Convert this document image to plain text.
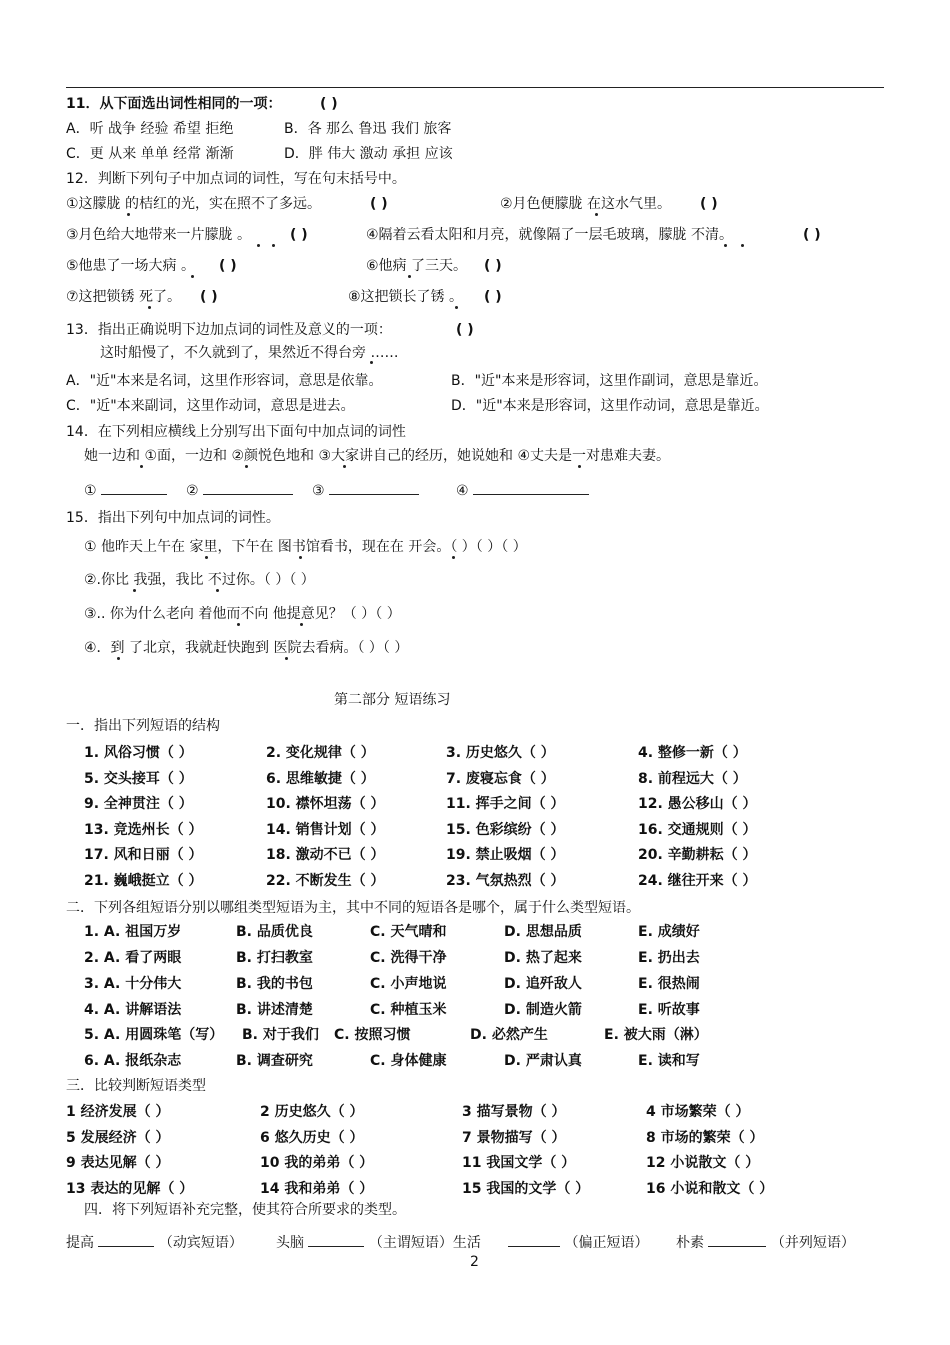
11．从下面选出词性相同的一项：	( )
A．听 战争 经验 希望 拒绝	B．各 那么 鲁迅 我们 旅客
C．更 从来 单单 经常 渐渐	D．胖 伟大 激动 承担 应该
12．判断下列句子中加点词的词性，写在句末括号中。
①这朦胧 的桔红的光，实在照不了多远。	( )	②月色便朦胧 在这水气里。 ( )
③月色给大地带来一片朦胧 。	( )	④隔着云看太阳和月亮，就像隔了一层毛玻璃，朦胧 不清。	( )
⑤他患了一场大病 。 ( )	⑥他病 了三天。 ( )
⑦这把锁锈 死了。 ( )	⑧这把锁长了锈 。 ( )
13．指出正确说明下边加点词的词性及意义的一项：	( )
这时船慢了，不久就到了，果然近不得台旁 ……
A．"近"本来是名词，这里作形容词，意思是依靠。	B．"近"本来是形容词，这里作副词，意思是靠近。
C．"近"本来副词，这里作动词，意思是进去。	D．"近"本来是形容词，这里作动词，意思是靠近。
14．在下列相应横线上分别写出下面句中加点词的词性
她一边和 ①面，一边和 ②颜悦色地和 ③大家讲自己的经历，她说她和 ④丈夫是一对患难夫妻。
①	②	③	④
15．指出下列句中加点词的词性。
① 他昨天上午在 家里，下午在 图书馆看书，现在在 开会。（ ）（ ）（ ）
②.你比 我强，我比 不过你。（ ）（ ）
③.. 你为什么老向 着他而不向 他提意见？（ ）（ ）
④．到 了北京，我就赶快跑到 医院去看病。（ ）（ ）
第二部分 短语练习
一．指出下列短语的结构
1. 风俗习惯（ ）	2. 变化规律（ ）	3. 历史悠久（ ）	4. 整修一新（ ）
5. 交头接耳（ ）	6. 思维敏捷（ ）	7. 废寝忘食（ ）	8. 前程远大（ ）
9. 全神贯注（ ）	10. 襟怀坦荡（ ）	11. 挥手之间（ ）	12. 愚公移山（ ）
13. 竞选州长（ ）	14. 销售计划（ ）	15. 色彩缤纷（ ）	16. 交通规则（ ）
17. 风和日丽（ ）	18. 激动不已（ ）	19. 禁止吸烟（ ）	20. 辛勤耕耘（ ）
21. 巍峨挺立（ ）	22. 不断发生（ ）	23. 气氛热烈（ ）	24. 继往开来（ ）
二．下列各组短语分别以哪组类型短语为主，其中不同的短语各是哪个，属于什么类型短语。
1. A. 祖国万岁	B. 品质优良	C. 天气晴和	D. 思想品质	E. 成绩好
2. A. 看了两眼	B. 打扫教室	C. 洗得干净	D. 热了起来	E. 扔出去
3. A. 十分伟大	B. 我的书包	C. 小声地说	D. 追歼敌人	E. 很热闹
4. A. 讲解语法	B. 讲述清楚	C. 种植玉米	D. 制造火箭	E. 听故事
6. A. 报纸杂志	B. 调查研究	C. 身体健康	D. 严肃认真	E. 读和写
5. A. 用圆珠笔（写） B. 对于我们 C. 按照习惯	D. 必然产生	E. 被大雨（淋）
三．比较判断短语类型
1 经济发展（ ）	2 历史悠久（ ）	3 描写景物（ ）	4 市场繁荣（ ）
5 发展经济（ ）	6 悠久历史（ ）	7 景物描写（ ）	8 市场的繁荣（ ）
9 表达见解（ ）	10 我的弟弟（ ）	11 我国文学（ ）	12 小说散文（ ）
13 表达的见解（ ）	14 我和弟弟（ ）	15 我国的文学（ ）	16 小说和散文（ ）
四．将下列短语补充完整，使其符合所要求的类型。
提高	（动宾短语） 头脑	（主谓短语）生活	（偏正短语） 朴素	（并列短语）
2
